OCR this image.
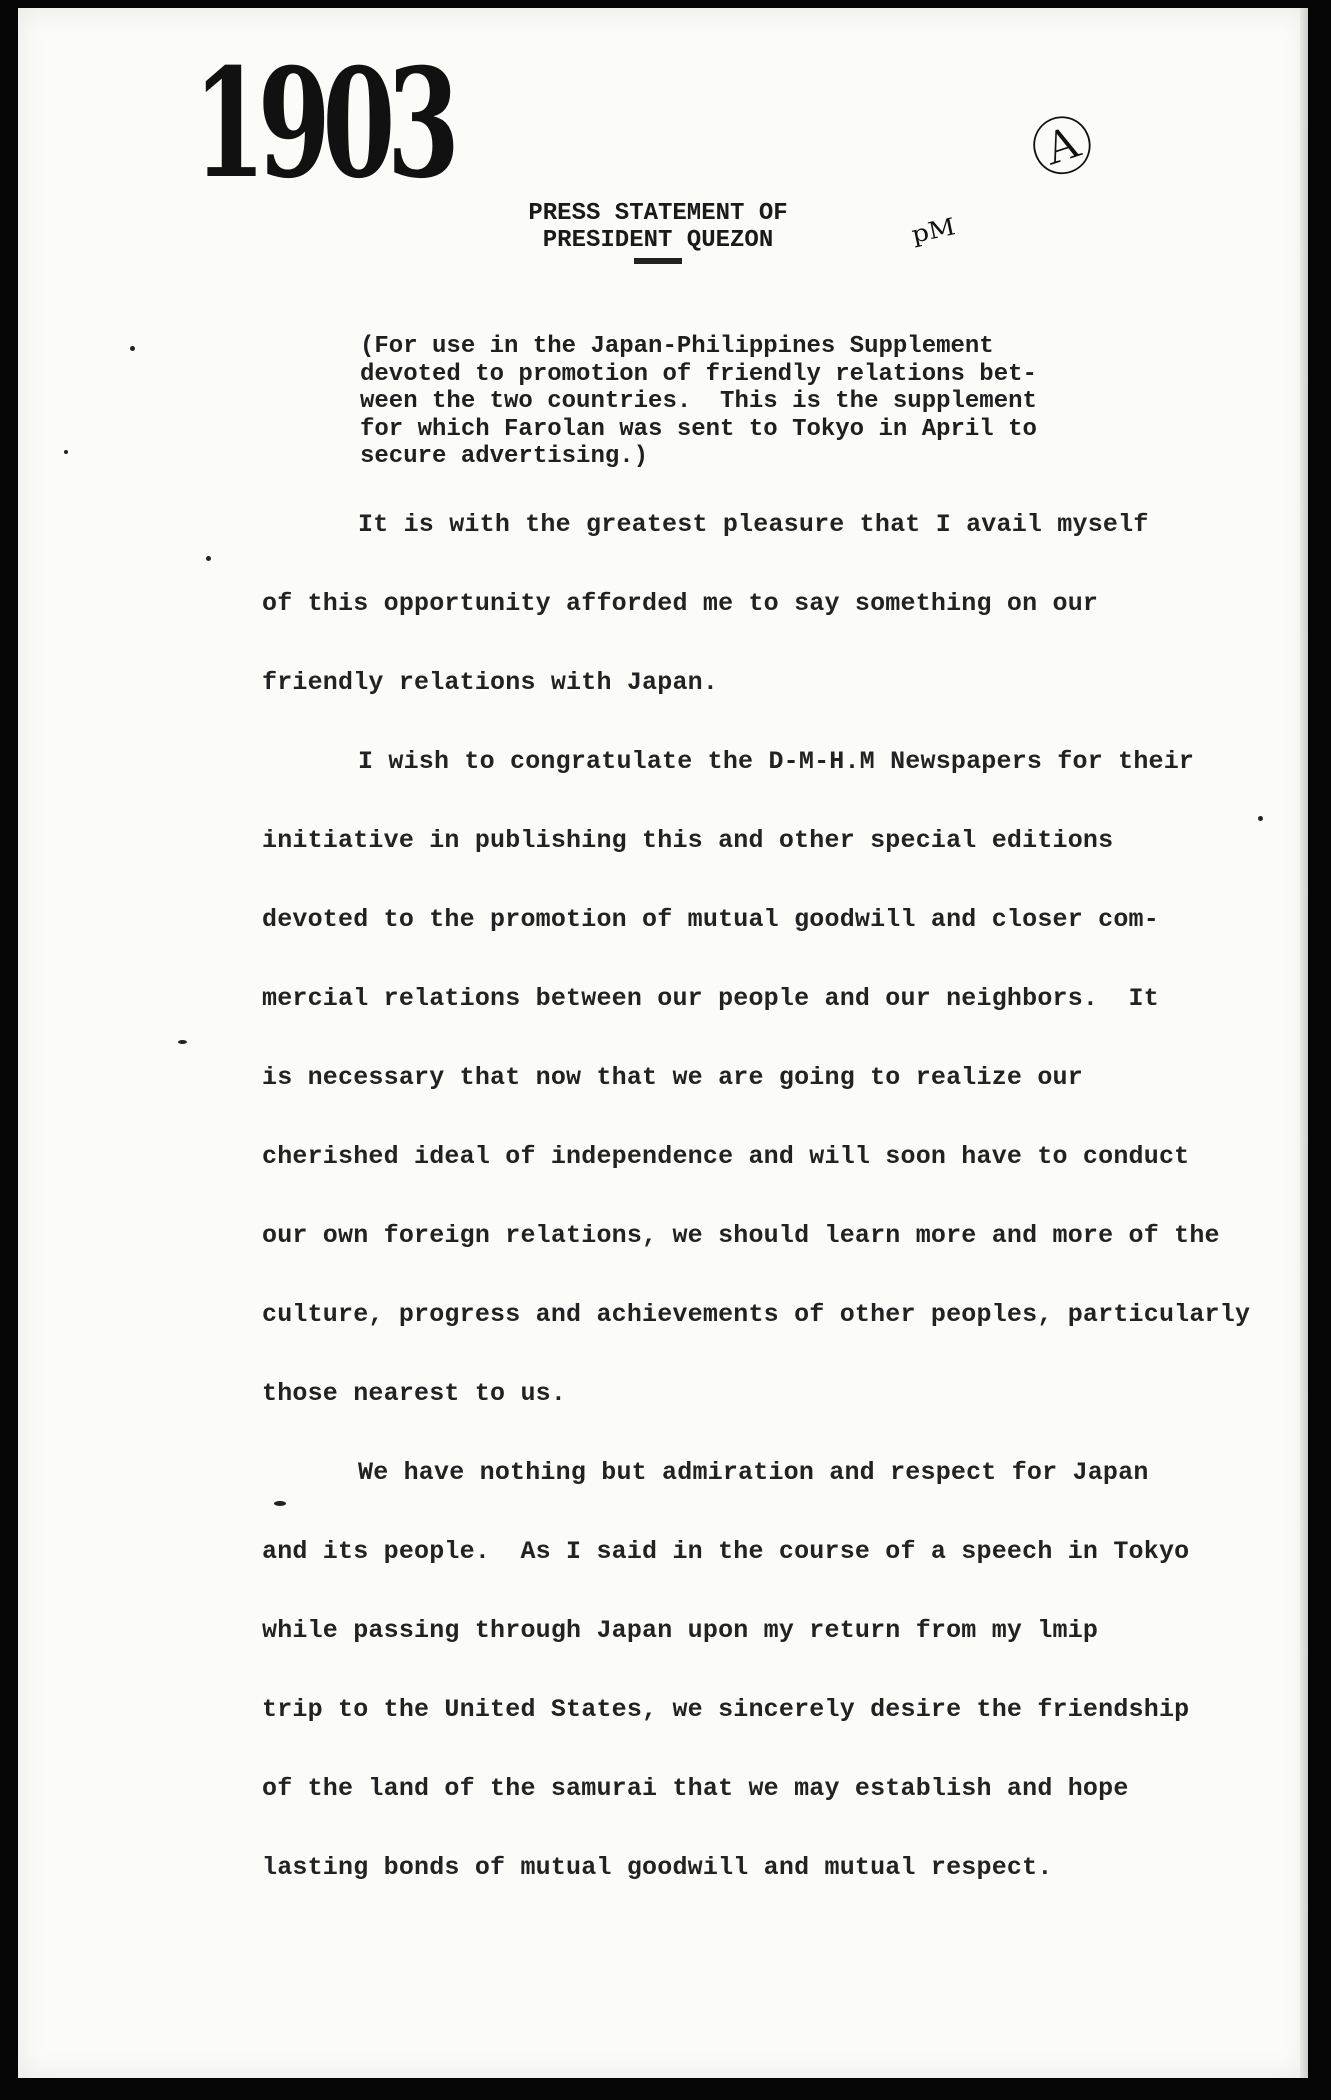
1903	Ⓐ
ᵖᴹ
PRESS STATEMENT OF
PRESIDENT QUEZON
(For use in the Japan-Philippines Supplement
devoted to promotion of friendly relations bet-
ween the two countries.  This is the supplement
for which Farolan was sent to Tokyo in April to
secure advertising.)
It is with the greatest pleasure that I avail myself
of this opportunity afforded me to say something on our
friendly relations with Japan.
I wish to congratulate the D-M-H.M Newspapers for their
initiative in publishing this and other special editions
devoted to the promotion of mutual goodwill and closer com-
mercial relations between our people and our neighbors.  It
is necessary that now that we are going to realize our
cherished ideal of independence and will soon have to conduct
our own foreign relations, we should learn more and more of the
culture, progress and achievements of other peoples, particularly
those nearest to us.
We have nothing but admiration and respect for Japan
and its people.  As I said in the course of a speech in Tokyo
while passing through Japan upon my return from my lmip
trip to the United States, we sincerely desire the friendship
of the land of the samurai that we may establish and hope
lasting bonds of mutual goodwill and mutual respect.
